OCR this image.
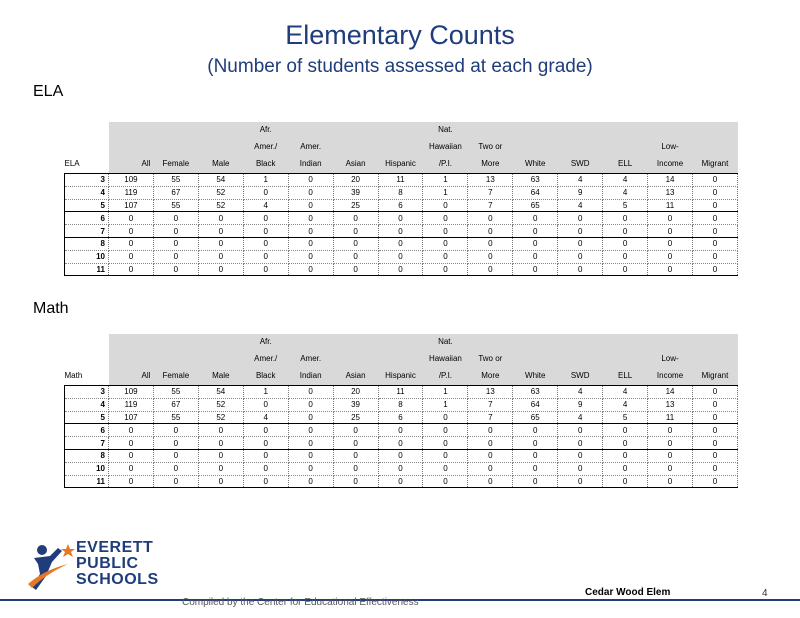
Elementary Counts
(Number of students assessed at each grade)
ELA
				Afr.				Nat.						
				Amer./	Amer.			Hawaiian	Two or				Low-	
ELA	All	Female	Male	Black	Indian	Asian	Hispanic	/P.I.	More	White	SWD	ELL	Income	Migrant
3	109	55	54	1	0	20	11	1	13	63	4	4	14	0
4	119	67	52	0	0	39	8	1	7	64	9	4	13	0
5	107	55	52	4	0	25	6	0	7	65	4	5	11	0
6	0	0	0	0	0	0	0	0	0	0	0	0	0	0
7	0	0	0	0	0	0	0	0	0	0	0	0	0	0
8	0	0	0	0	0	0	0	0	0	0	0	0	0	0
10	0	0	0	0	0	0	0	0	0	0	0	0	0	0
11	0	0	0	0	0	0	0	0	0	0	0	0	0	0
Math
				Afr.				Nat.						
				Amer./	Amer.			Hawaiian	Two or				Low-	
Math	All	Female	Male	Black	Indian	Asian	Hispanic	/P.I.	More	White	SWD	ELL	Income	Migrant
3	109	55	54	1	0	20	11	1	13	63	4	4	14	0
4	119	67	52	0	0	39	8	1	7	64	9	4	13	0
5	107	55	52	4	0	25	6	0	7	65	4	5	11	0
6	0	0	0	0	0	0	0	0	0	0	0	0	0	0
7	0	0	0	0	0	0	0	0	0	0	0	0	0	0
8	0	0	0	0	0	0	0	0	0	0	0	0	0	0
10	0	0	0	0	0	0	0	0	0	0	0	0	0	0
11	0	0	0	0	0	0	0	0	0	0	0	0	0	0
EVERETT
PUBLIC
SCHOOLS
Cedar Wood Elem	4
Compiled by the Center for Educational Effectiveness
